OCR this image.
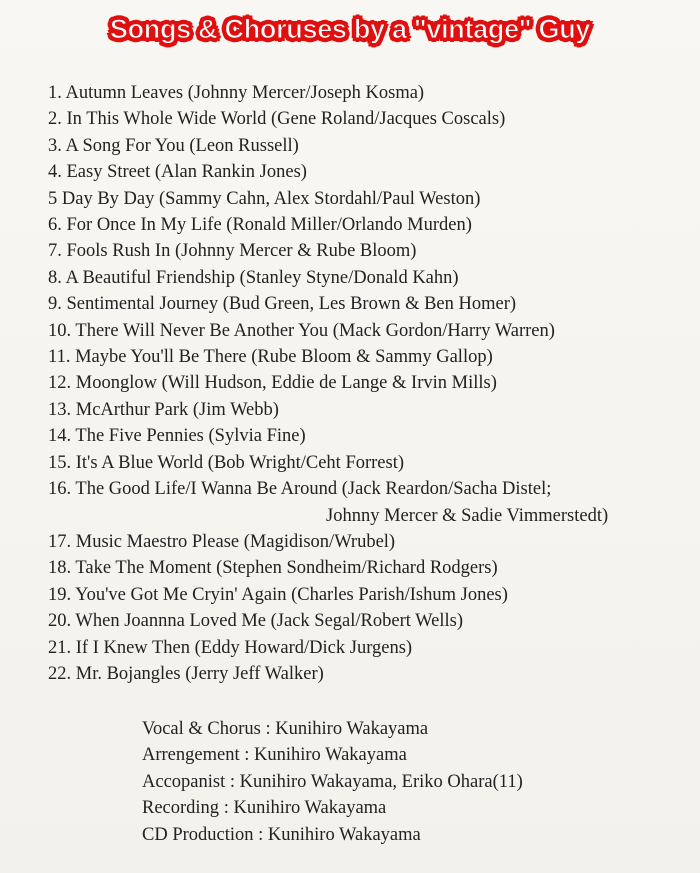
Songs & Choruses by a "vintage" Guy
1. Autumn Leaves (Johnny Mercer/Joseph Kosma)
2. In This Whole Wide World (Gene Roland/Jacques Coscals)
3. A Song For You (Leon Russell)
4. Easy Street (Alan Rankin Jones)
5 Day By Day (Sammy Cahn, Alex Stordahl/Paul Weston)
6. For Once In My Life (Ronald Miller/Orlando Murden)
7. Fools Rush In (Johnny Mercer & Rube Bloom)
8. A Beautiful Friendship (Stanley Styne/Donald Kahn)
9. Sentimental Journey (Bud Green, Les Brown & Ben Homer)
10. There Will Never Be Another You (Mack Gordon/Harry Warren)
11. Maybe You'll Be There (Rube Bloom & Sammy Gallop)
12. Moonglow (Will Hudson, Eddie de Lange & Irvin Mills)
13. McArthur Park (Jim Webb)
14. The Five Pennies (Sylvia Fine)
15. It's A Blue World (Bob Wright/Ceht Forrest)
16. The Good Life/I Wanna Be Around (Jack Reardon/Sacha Distel;
Johnny Mercer & Sadie Vimmerstedt)
17. Music Maestro Please (Magidison/Wrubel)
18. Take The Moment (Stephen Sondheim/Richard Rodgers)
19. You've Got Me Cryin' Again (Charles Parish/Ishum Jones)
20. When Joannna Loved Me (Jack Segal/Robert Wells)
21. If I Knew Then (Eddy Howard/Dick Jurgens)
22. Mr. Bojangles (Jerry Jeff Walker)
Vocal & Chorus : Kunihiro Wakayama
Arrengement : Kunihiro Wakayama
Accopanist : Kunihiro Wakayama, Eriko Ohara(11)
Recording : Kunihiro Wakayama
CD Production : Kunihiro Wakayama
